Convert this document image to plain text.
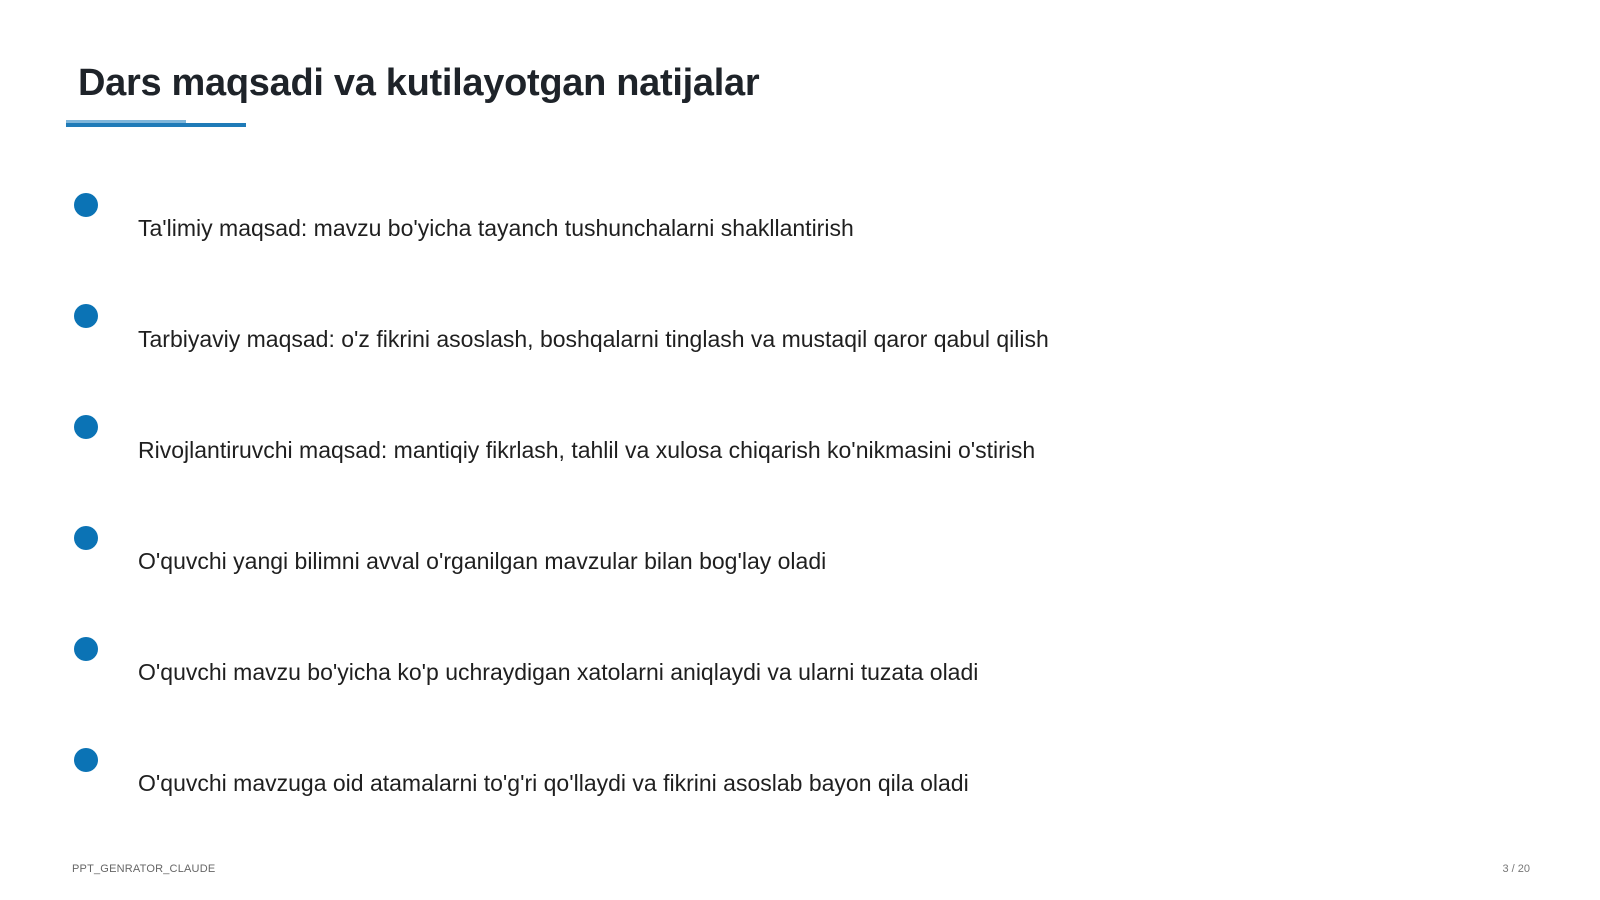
Dars maqsadi va kutilayotgan natijalar
Ta'limiy maqsad: mavzu bo'yicha tayanch tushunchalarni shakllantirish
Tarbiyaviy maqsad: o'z fikrini asoslash, boshqalarni tinglash va mustaqil qaror qabul qilish
Rivojlantiruvchi maqsad: mantiqiy fikrlash, tahlil va xulosa chiqarish ko'nikmasini o'stirish
O'quvchi yangi bilimni avval o'rganilgan mavzular bilan bog'lay oladi
O'quvchi mavzu bo'yicha ko'p uchraydigan xatolarni aniqlaydi va ularni tuzata oladi
O'quvchi mavzuga oid atamalarni to'g'ri qo'llaydi va fikrini asoslab bayon qila oladi
PPT_GENRATOR_CLAUDE	3 / 20
